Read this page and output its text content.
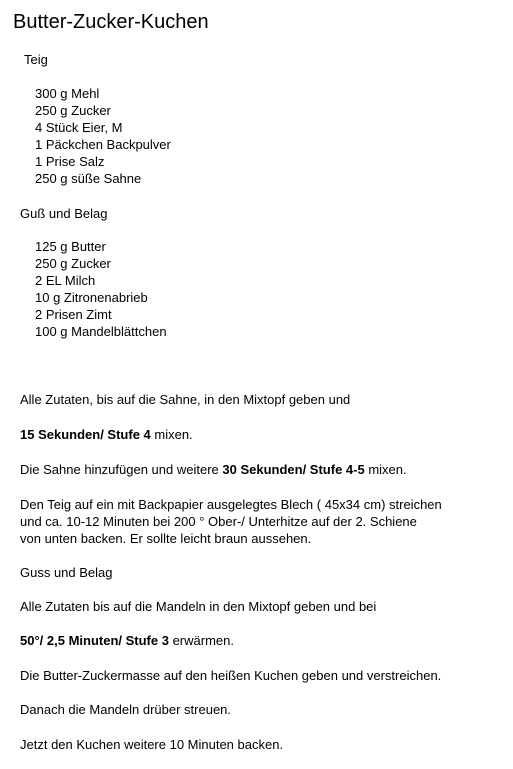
Butter-Zucker-Kuchen
Teig
300 g Mehl
250 g Zucker
4 Stück Eier, M
1 Päckchen Backpulver
1 Prise Salz
250 g süße Sahne
Guß und Belag
125 g Butter
250 g Zucker
2 EL Milch
10 g Zitronenabrieb
2 Prisen Zimt
100 g Mandelblättchen

Alle Zutaten, bis auf die Sahne, in den Mixtopf geben und

15 Sekunden/ Stufe 4 mixen.

Die Sahne hinzufügen und weitere 30 Sekunden/ Stufe 4-5 mixen.

Den Teig auf ein mit Backpapier ausgelegtes Blech ( 45x34 cm) streichen

und ca. 10-12 Minuten bei 200 ° Ober-/ Unterhitze auf der 2. Schiene

von unten backen. Er sollte leicht braun aussehen.

Guss und Belag

Alle Zutaten bis auf die Mandeln in den Mixtopf geben und bei

50°/ 2,5 Minuten/ Stufe 3 erwärmen.

Die Butter-Zuckermasse auf den heißen Kuchen geben und verstreichen.

Danach die Mandeln drüber streuen.

Jetzt den Kuchen weitere 10 Minuten backen.
